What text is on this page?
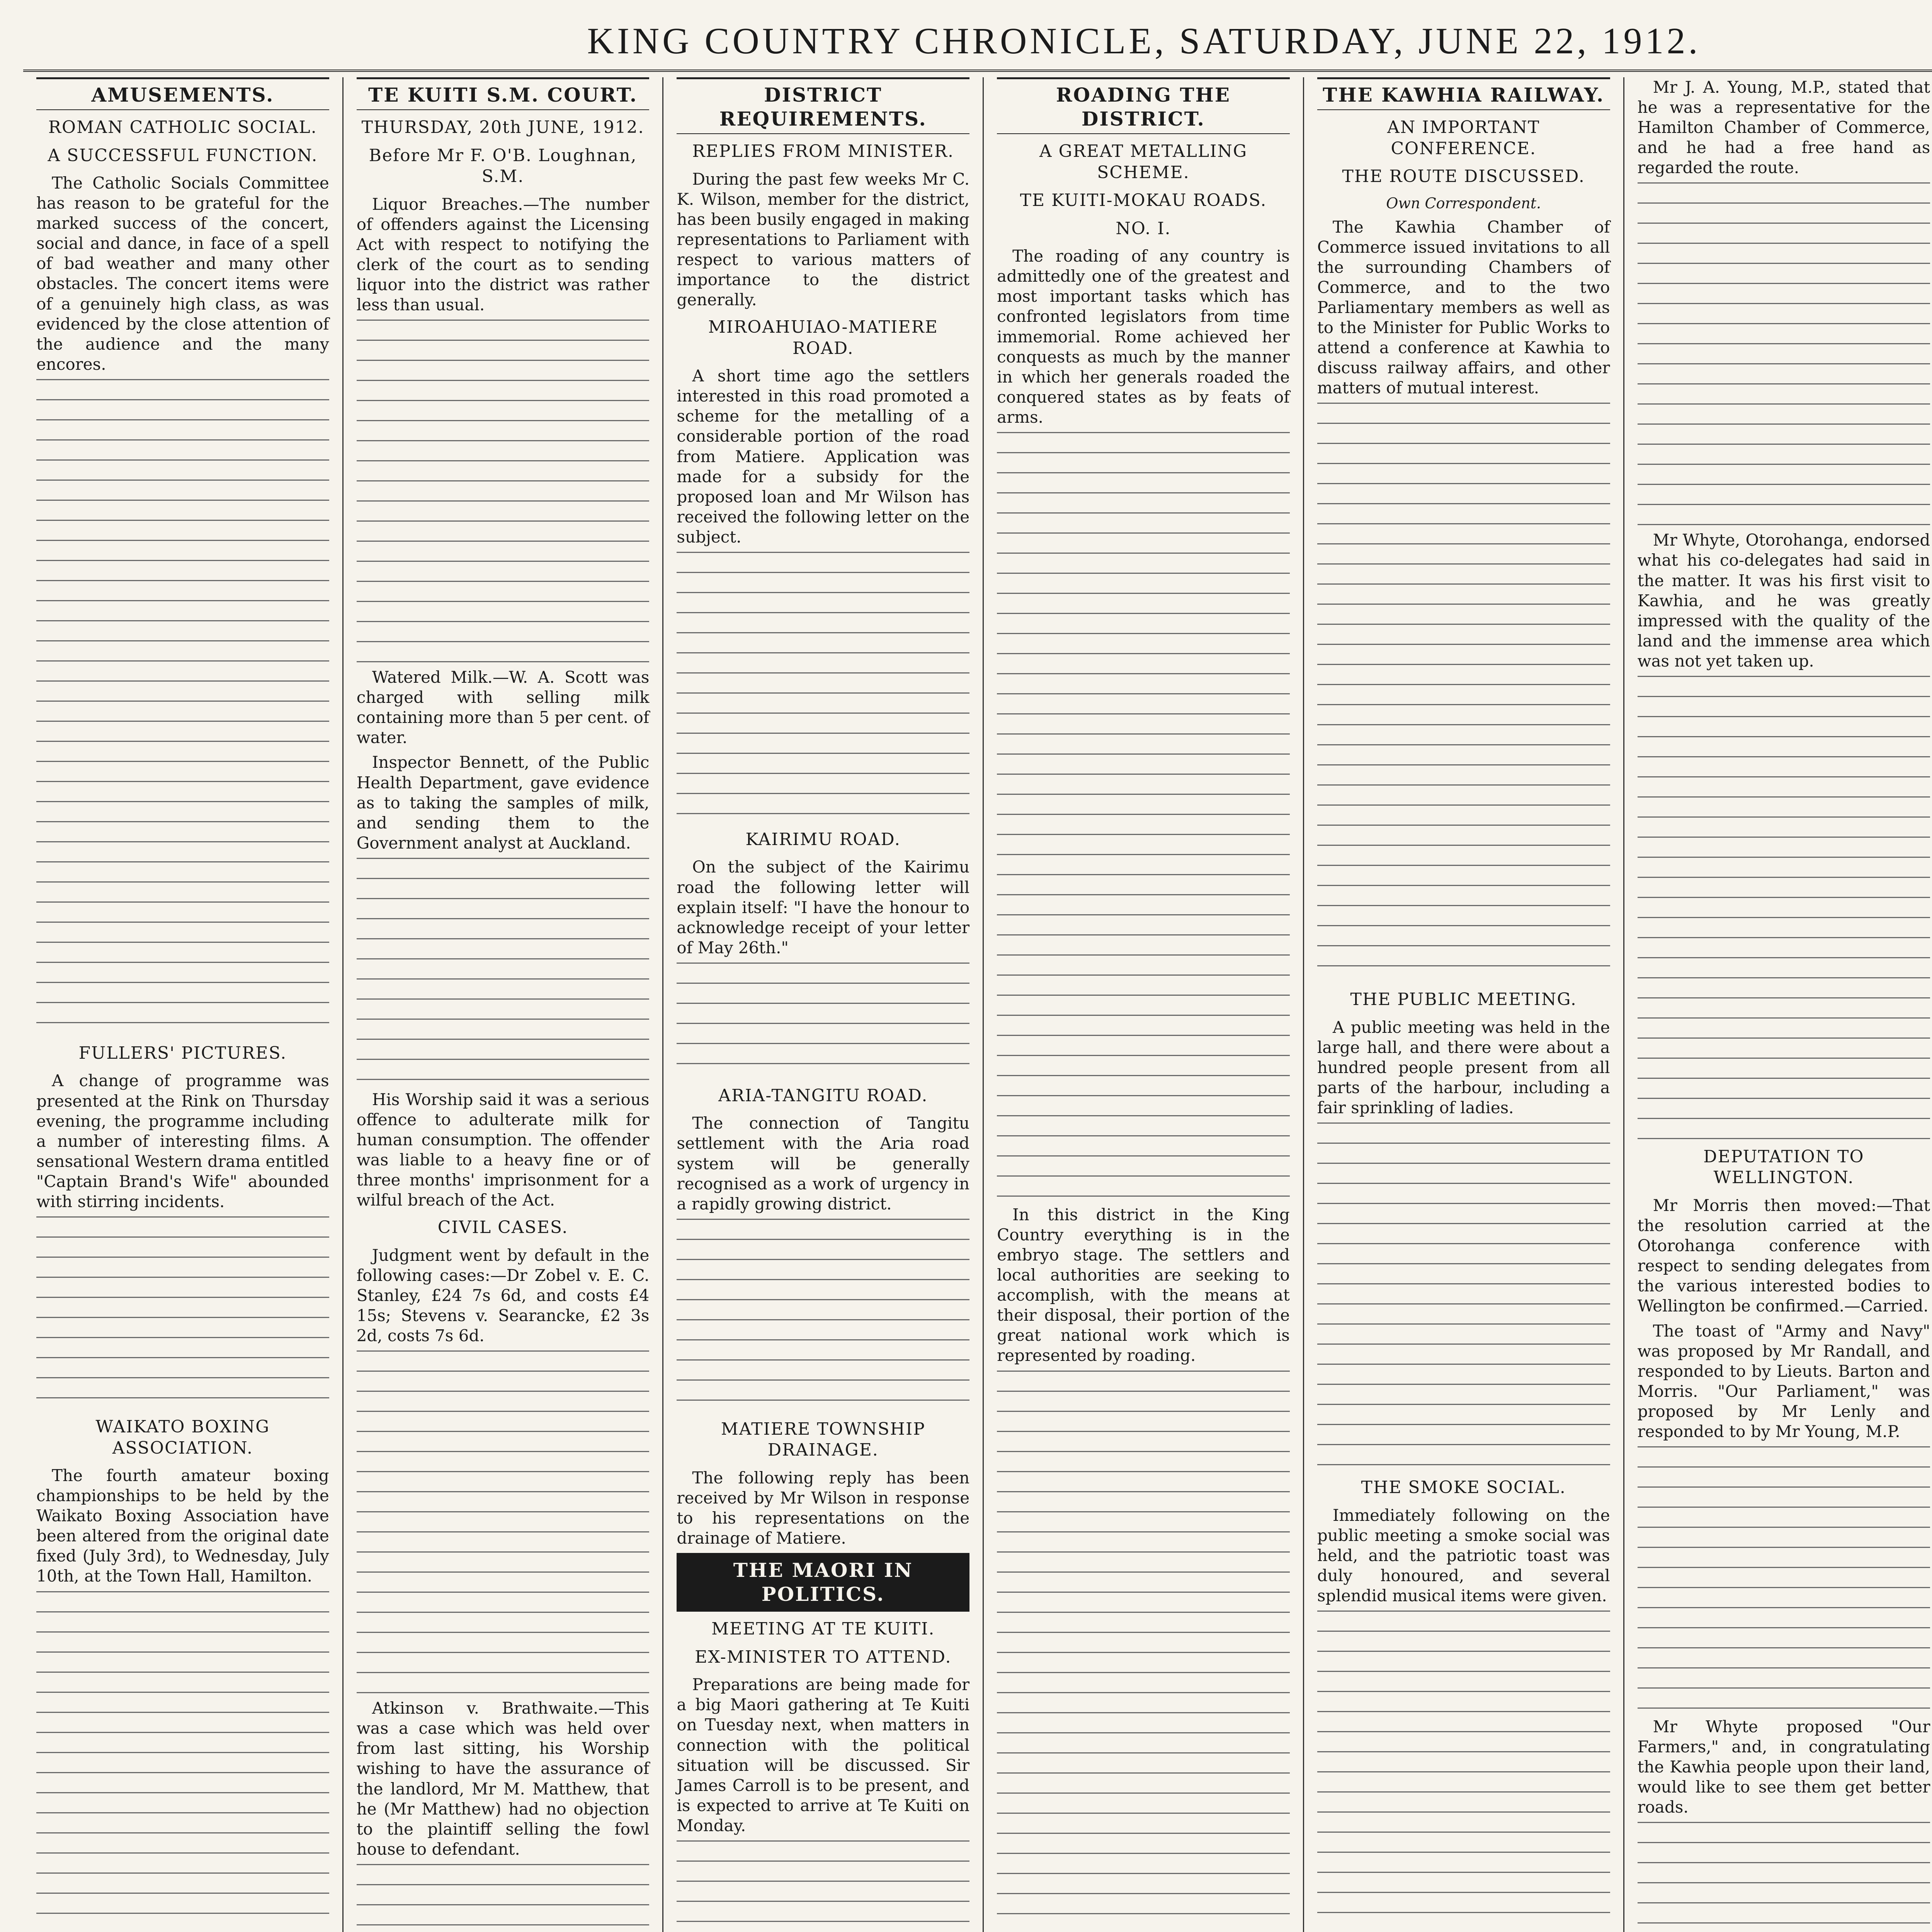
KING COUNTRY CHRONICLE, SATURDAY, JUNE 22, 1912.
AMUSEMENTS.
ROMAN CATHOLIC SOCIAL.
A SUCCESSFUL FUNCTION.

The Catholic Socials Committee has reason to be grateful for the marked success of the concert, social and dance, in face of a spell of bad weather and many other obstacles. The concert items were of a genuinely high class, as was evidenced by the close attention of the audience and the many encores.

FULLERS' PICTURES.

A change of programme was presented at the Rink on Thursday evening, the programme including a number of interesting films. A sensational Western drama entitled "Captain Brand's Wife" abounded with stirring incidents.

WAIKATO BOXING ASSOCIATION.

The fourth amateur boxing championships to be held by the Waikato Boxing Association have been altered from the original date fixed (July 3rd), to Wednesday, July 10th, at the Town Hall, Hamilton.

TE KUITI S.M. COURT.
THURSDAY, 20th JUNE, 1912.
Before Mr F. O'B. Loughnan, S.M.

Liquor Breaches.—The number of offenders against the Licensing Act with respect to notifying the clerk of the court as to sending liquor into the district was rather less than usual.

Watered Milk.—W. A. Scott was charged with selling milk containing more than 5 per cent. of water.

Inspector Bennett, of the Public Health Department, gave evidence as to taking the samples of milk, and sending them to the Government analyst at Auckland.

His Worship said it was a serious offence to adulterate milk for human consumption. The offender was liable to a heavy fine or of three months' imprisonment for a wilful breach of the Act.

CIVIL CASES.

Judgment went by default in the following cases:—Dr Zobel v. E. C. Stanley, £24 7s 6d, and costs £4 15s; Stevens v. Searancke, £2 3s 2d, costs 7s 6d.

Atkinson v. Brathwaite.—This was a case which was held over from last sitting, his Worship wishing to have the assurance of the landlord, Mr M. Matthew, that he (Mr Matthew) had no objection to the plaintiff selling the fowl house to defendant.

DISTRICT REQUIREMENTS.
REPLIES FROM MINISTER.

During the past few weeks Mr C. K. Wilson, member for the district, has been busily engaged in making representations to Parliament with respect to various matters of importance to the district generally.

MIROAHUIAO-MATIERE ROAD.

A short time ago the settlers interested in this road promoted a scheme for the metalling of a considerable portion of the road from Matiere. Application was made for a subsidy for the proposed loan and Mr Wilson has received the following letter on the subject.

KAIRIMU ROAD.

On the subject of the Kairimu road the following letter will explain itself: "I have the honour to acknowledge receipt of your letter of May 26th."

ARIA-TANGITU ROAD.

The connection of Tangitu settlement with the Aria road system will be generally recognised as a work of urgency in a rapidly growing district.

MATIERE TOWNSHIP DRAINAGE.

The following reply has been received by Mr Wilson in response to his representations on the drainage of Matiere.

THE MAORI IN POLITICS.
MEETING AT TE KUITI.
EX-MINISTER TO ATTEND.

Preparations are being made for a big Maori gathering at Te Kuiti on Tuesday next, when matters in connection with the political situation will be discussed. Sir James Carroll is to be present, and is expected to arrive at Te Kuiti on Monday.

ROADING THE DISTRICT.
A GREAT METALLING SCHEME.
TE KUITI-MOKAU ROADS.
NO. I.

The roading of any country is admittedly one of the greatest and most important tasks which has confronted legislators from time immemorial. Rome achieved her conquests as much by the manner in which her generals roaded the conquered states as by feats of arms.

In this district in the King Country everything is in the embryo stage. The settlers and local authorities are seeking to accomplish, with the means at their disposal, their portion of the great national work which is represented by roading.

THE KAWHIA RAILWAY.
AN IMPORTANT CONFERENCE.
THE ROUTE DISCUSSED.

Own Correspondent.

The Kawhia Chamber of Commerce issued invitations to all the surrounding Chambers of Commerce, and to the two Parliamentary members as well as to the Minister for Public Works to attend a conference at Kawhia to discuss railway affairs, and other matters of mutual interest.

THE PUBLIC MEETING.

A public meeting was held in the large hall, and there were about a hundred people present from all parts of the harbour, including a fair sprinkling of ladies.

THE SMOKE SOCIAL.

Immediately following on the public meeting a smoke social was held, and the patriotic toast was duly honoured, and several splendid musical items were given.

Mr J. A. Young, M.P., stated that he was a representative for the Hamilton Chamber of Commerce, and he had a free hand as regarded the route.

Mr Whyte, Otorohanga, endorsed what his co-delegates had said in the matter. It was his first visit to Kawhia, and he was greatly impressed with the quality of the land and the immense area which was not yet taken up.

DEPUTATION TO WELLINGTON.

Mr Morris then moved:—That the resolution carried at the Otorohanga conference with respect to sending delegates from the various interested bodies to Wellington be confirmed.—Carried.

The toast of "Army and Navy" was proposed by Mr Randall, and responded to by Lieuts. Barton and Morris. "Our Parliament," was proposed by Mr Lenly and responded to by Mr Young, M.P.

Mr Whyte proposed "Our Farmers," and, in congratulating the Kawhia people upon their land, would like to see them get better roads.
